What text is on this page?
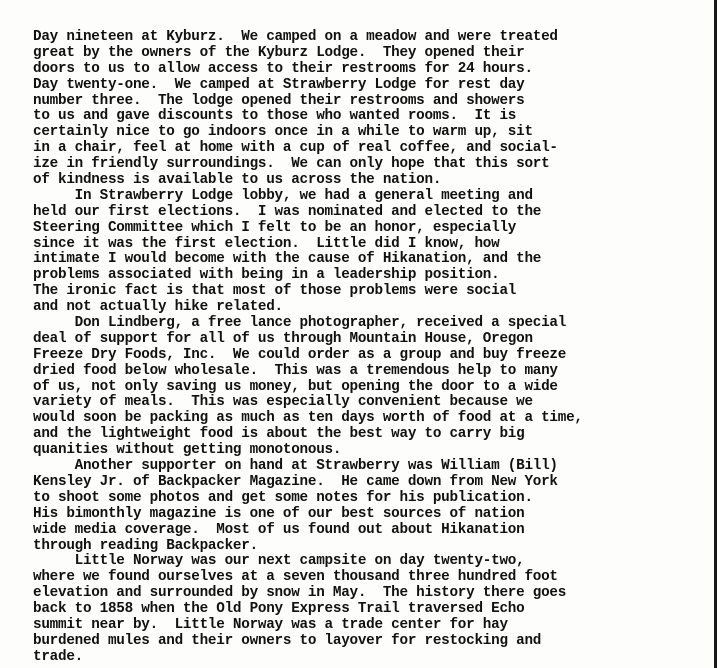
Day nineteen at Kyburz.  We camped on a meadow and were treated
great by the owners of the Kyburz Lodge.  They opened their
doors to us to allow access to their restrooms for 24 hours.
Day twenty-one.  We camped at Strawberry Lodge for rest day
number three.  The lodge opened their restrooms and showers
to us and gave discounts to those who wanted rooms.  It is
certainly nice to go indoors once in a while to warm up, sit
in a chair, feel at home with a cup of real coffee, and social-
ize in friendly surroundings.  We can only hope that this sort
of kindness is available to us across the nation.
In Strawberry Lodge lobby, we had a general meeting and
held our first elections.  I was nominated and elected to the
Steering Committee which I felt to be an honor, especially
since it was the first election.  Little did I know, how
intimate I would become with the cause of Hikanation, and the
problems associated with being in a leadership position.
The ironic fact is that most of those problems were social
and not actually hike related.
Don Lindberg, a free lance photographer, received a special
deal of support for all of us through Mountain House, Oregon
Freeze Dry Foods, Inc.  We could order as a group and buy freeze
dried food below wholesale.  This was a tremendous help to many
of us, not only saving us money, but opening the door to a wide
variety of meals.  This was especially convenient because we
would soon be packing as much as ten days worth of food at a time,
and the lightweight food is about the best way to carry big
quanities without getting monotonous.
Another supporter on hand at Strawberry was William (Bill)
Kensley Jr. of Backpacker Magazine.  He came down from New York
to shoot some photos and get some notes for his publication.
His bimonthly magazine is one of our best sources of nation
wide media coverage.  Most of us found out about Hikanation
through reading Backpacker.
Little Norway was our next campsite on day twenty-two,
where we found ourselves at a seven thousand three hundred foot
elevation and surrounded by snow in May.  The history there goes
back to 1858 when the Old Pony Express Trail traversed Echo
summit near by.  Little Norway was a trade center for hay
burdened mules and their owners to layover for restocking and
trade.
